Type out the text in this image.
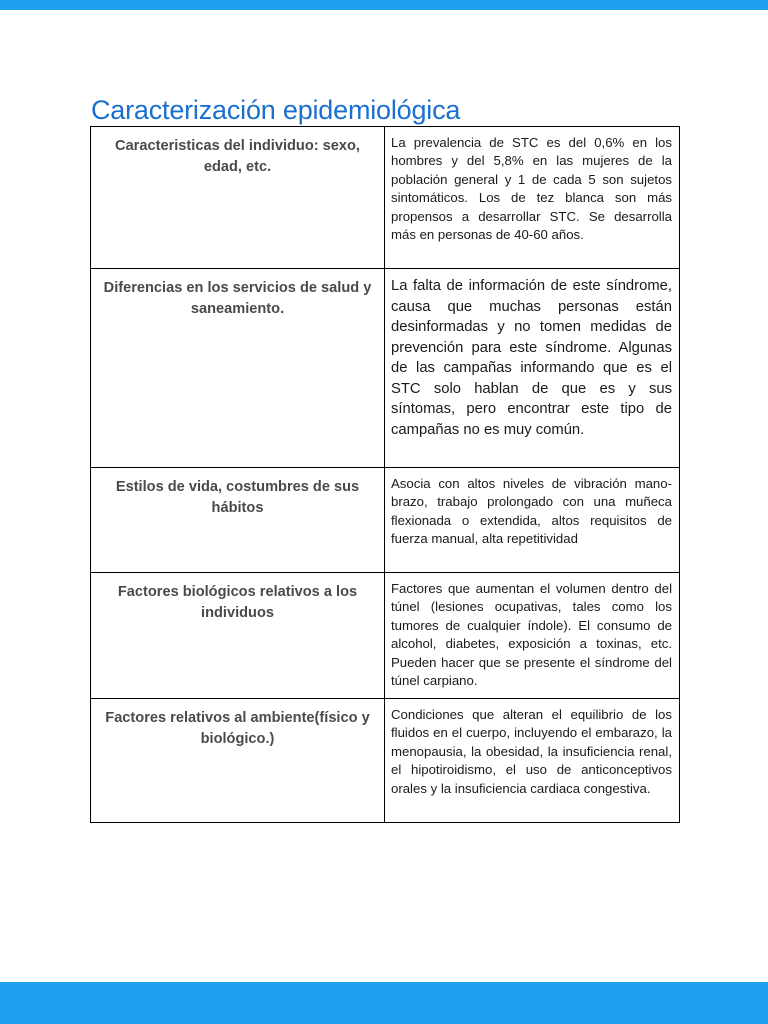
Caracterización epidemiológica
Caracteristicas del individuo: sexo, edad, etc.	La prevalencia de STC es del 0,6% en los hombres y del 5,8% en las mujeres de la población general y 1 de cada 5 son sujetos sintomáticos. Los de tez blanca son más propensos a desarrollar STC. Se desarrolla más en personas de 40-60 años.

Diferencias en los servicios de salud y saneamiento.	La falta de información de este síndrome, causa que muchas personas están desinformadas y no tomen medidas de prevención para este síndrome. Algunas de las campañas informando que es el STC solo hablan de que es y sus síntomas, pero encontrar este tipo de campañas no es muy común.

Estilos de vida, costumbres de sus hábitos	Asocia con altos niveles de vibración mano-brazo, trabajo prolongado con una muñeca flexionada o extendida, altos requisitos de fuerza manual, alta repetitividad

Factores biológicos relativos a los individuos	Factores que aumentan el volumen dentro del túnel (lesiones ocupativas, tales como los tumores de cualquier índole). El consumo de alcohol, diabetes, exposición a toxinas, etc. Pueden hacer que se presente el síndrome del túnel carpiano.

Factores relativos al ambiente(físico y biológico.)	Condiciones que alteran el equilibrio de los fluidos en el cuerpo, incluyendo el embarazo, la menopausia, la obesidad, la insuficiencia renal, el hipotiroidismo, el uso de anticonceptivos orales y la insuficiencia cardiaca congestiva.
